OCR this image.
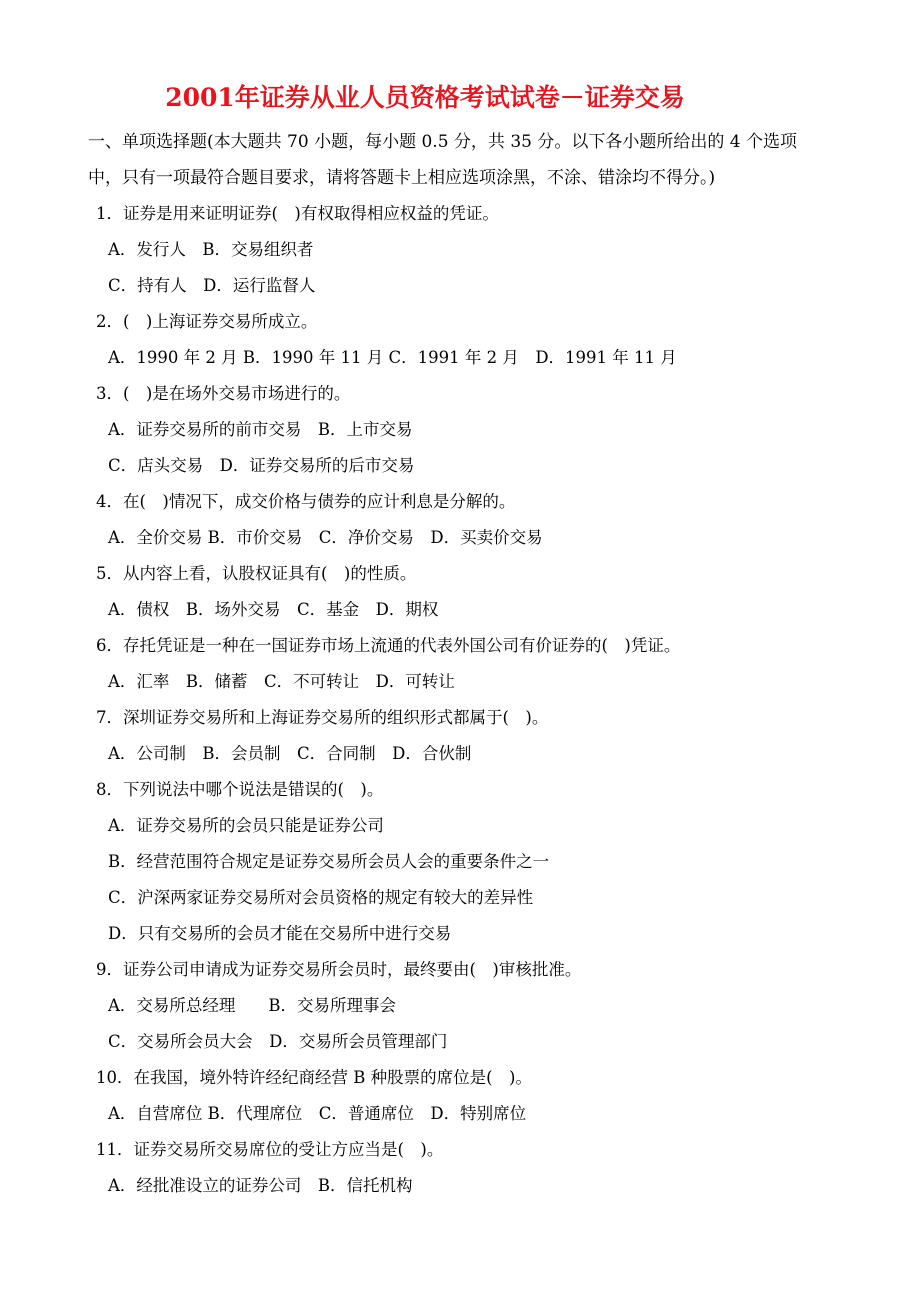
2001年证券从业人员资格考试试卷－证券交易
一、单项选择题(本大题共 70 小题，每小题 0.5 分，共 35 分。以下各小题所给出的 4 个选项
中，只有一项最符合题目要求，请将答题卡上相应选项涂黑，不涂、错涂均不得分。)
1．证券是用来证明证券(　)有权取得相应权益的凭证。
A．发行人　B．交易组织者
C．持有人　D．运行监督人
2．(　)上海证券交易所成立。
A．1990 年 2 月 B．1990 年 11 月 C．1991 年 2 月　D．1991 年 11 月
3．(　)是在场外交易市场进行的。
A．证券交易所的前市交易　B．上市交易
C．店头交易　D．证券交易所的后市交易
4．在(　)情况下，成交价格与债券的应计利息是分解的。
A．全价交易 B．市价交易　C．净价交易　D．买卖价交易
5．从内容上看，认股权证具有(　)的性质。
A．债权　B．场外交易　C．基金　D．期权
6．存托凭证是一种在一国证券市场上流通的代表外国公司有价证券的(　)凭证。
A．汇率　B．储蓄　C．不可转让　D．可转让
7．深圳证券交易所和上海证券交易所的组织形式都属于(　)。
A．公司制　B．会员制　C．合同制　D．合伙制
8．下列说法中哪个说法是错误的(　)。
A．证券交易所的会员只能是证券公司
B．经营范围符合规定是证券交易所会员人会的重要条件之一
C．沪深两家证券交易所对会员资格的规定有较大的差异性
D．只有交易所的会员才能在交易所中进行交易
9．证券公司申请成为证券交易所会员时，最终要由(　)审核批准。
A．交易所总经理　　B．交易所理事会
C．交易所会员大会　D．交易所会员管理部门
10．在我国，境外特许经纪商经营 B 种股票的席位是(　)。
A．自营席位 B．代理席位　C．普通席位　D．特别席位
11．证券交易所交易席位的受让方应当是(　)。
A．经批准设立的证券公司　B．信托机构
